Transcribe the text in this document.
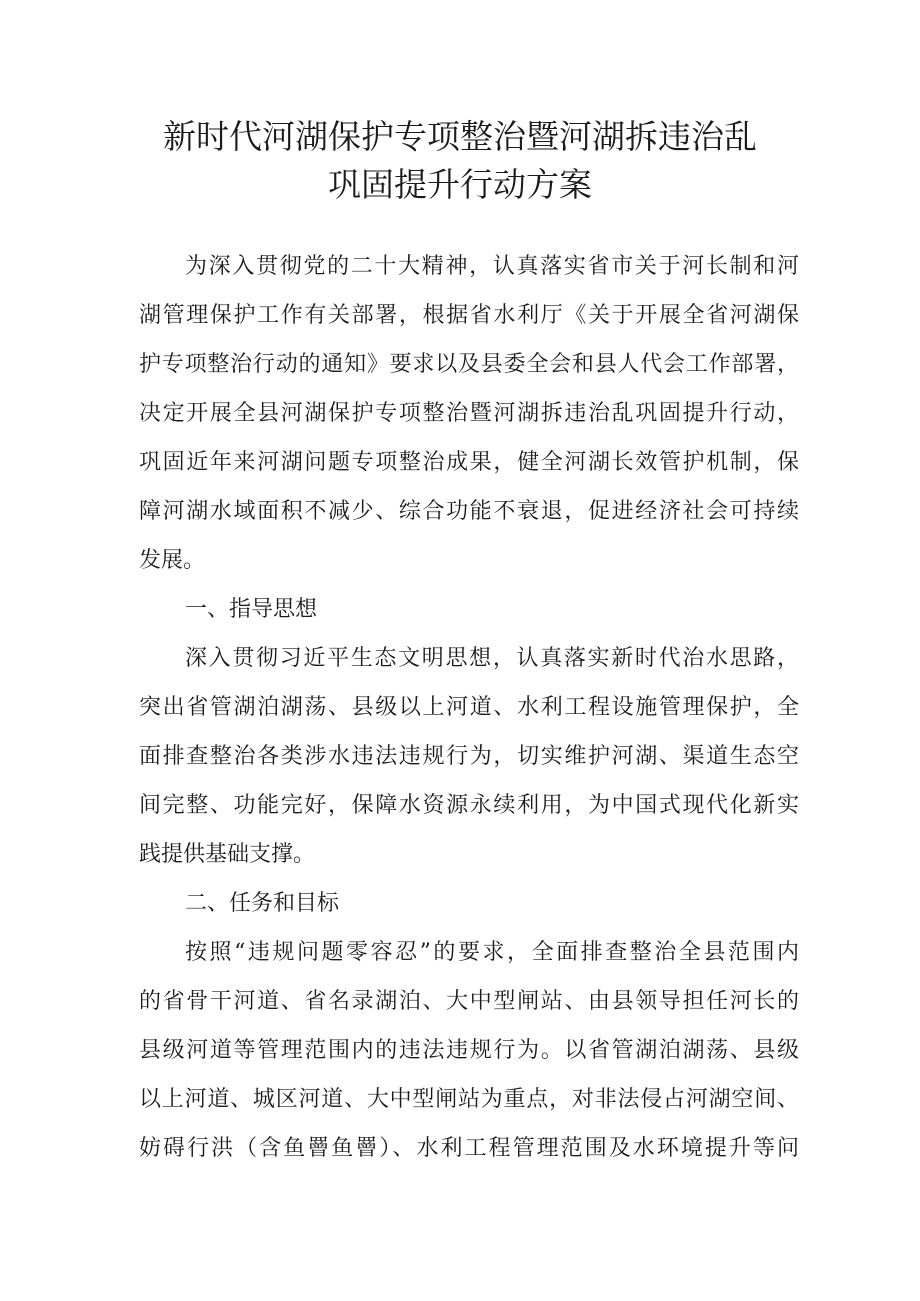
新时代河湖保护专项整治暨河湖拆违治乱
巩固提升行动方案
为深入贯彻党的二十大精神，认真落实省市关于河长制和河
湖管理保护工作有关部署，根据省水利厅《关于开展全省河湖保
护专项整治行动的通知》要求以及县委全会和县人代会工作部署，
决定开展全县河湖保护专项整治暨河湖拆违治乱巩固提升行动，
巩固近年来河湖问题专项整治成果，健全河湖长效管护机制，保
障河湖水域面积不减少、综合功能不衰退，促进经济社会可持续
发展。
一、指导思想
深入贯彻习近平生态文明思想，认真落实新时代治水思路，
突出省管湖泊湖荡、县级以上河道、水利工程设施管理保护，全
面排查整治各类涉水违法违规行为，切实维护河湖、渠道生态空
间完整、功能完好，保障水资源永续利用，为中国式现代化新实
践提供基础支撑。
二、任务和目标
按照“违规问题零容忍”的要求，全面排查整治全县范围内
的省骨干河道、省名录湖泊、大中型闸站、由县领导担任河长的
县级河道等管理范围内的违法违规行为。以省管湖泊湖荡、县级
以上河道、城区河道、大中型闸站为重点，对非法侵占河湖空间、
妨碍行洪（含鱼罾鱼罾）、水利工程管理范围及水环境提升等问
